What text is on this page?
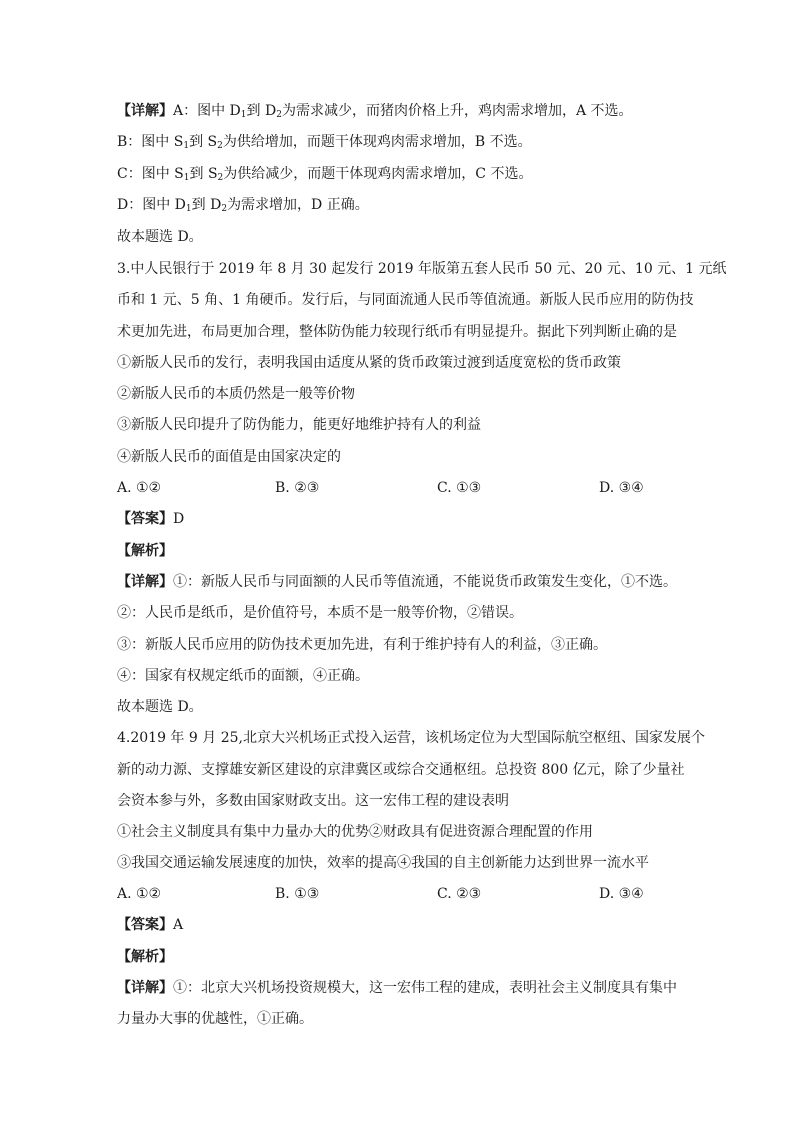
【详解】A：图中 $D_1$到 $D_2$为需求减少，而猪肉价格上升，鸡肉需求增加，A 不选。
B：图中 $S_1$到 $S_2$为供给增加，而题干体现鸡肉需求增加，B 不选。
C：图中 $S_1$到 $S_2$为供给减少，而题干体现鸡肉需求增加，C 不选。
D：图中 $D_1$到 $D_2$为需求增加，D 正确。
故本题选 D。
3.中人民银行于 2019 年 8 月 30 起发行 2019 年版第五套人民币 50 元、20 元、10 元、1 元纸
币和 1 元、5 角、1 角硬币。发行后，与同面流通人民币等值流通。新版人民币应用的防伪技
术更加先进，布局更加合理，整体防伪能力较现行纸币有明显提升。据此下列判断止确的是
①新版人民币的发行，表明我国由适度从紧的货币政策过渡到适度宽松的货币政策
②新版人民币的本质仍然是一般等价物
③新版人民印提升了防伪能力，能更好地维护持有人的利益
④新版人民币的面值是由国家决定的
A. ①②	B. ②③	C. ①③	D. ③④
【答案】D
【解析】
【详解】①：新版人民币与同面额的人民币等值流通，不能说货币政策发生变化，①不选。
②：人民币是纸币，是价值符号，本质不是一般等价物，②错误。
③：新版人民币应用的防伪技术更加先进，有利于维护持有人的利益，③正确。
④：国家有权规定纸币的面额，④正确。
故本题选 D。
4.2019 年 9 月 25,北京大兴机场正式投入运营，该机场定位为大型国际航空枢纽、国家发展个
新的动力源、支撑雄安新区建设的京津冀区或综合交通枢纽。总投资 800 亿元，除了少量社
会资本参与外，多数由国家财政支出。这一宏伟工程的建设表明
①社会主义制度具有集中力量办大的优势②财政具有促进资源合理配置的作用
③我国交通运输发展速度的加快，效率的提高④我国的自主创新能力达到世界一流水平
A. ①②	B. ①③	C. ②③	D. ③④
【答案】A
【解析】
【详解】①：北京大兴机场投资规模大，这一宏伟工程的建成，表明社会主义制度具有集中
力量办大事的优越性，①正确。
